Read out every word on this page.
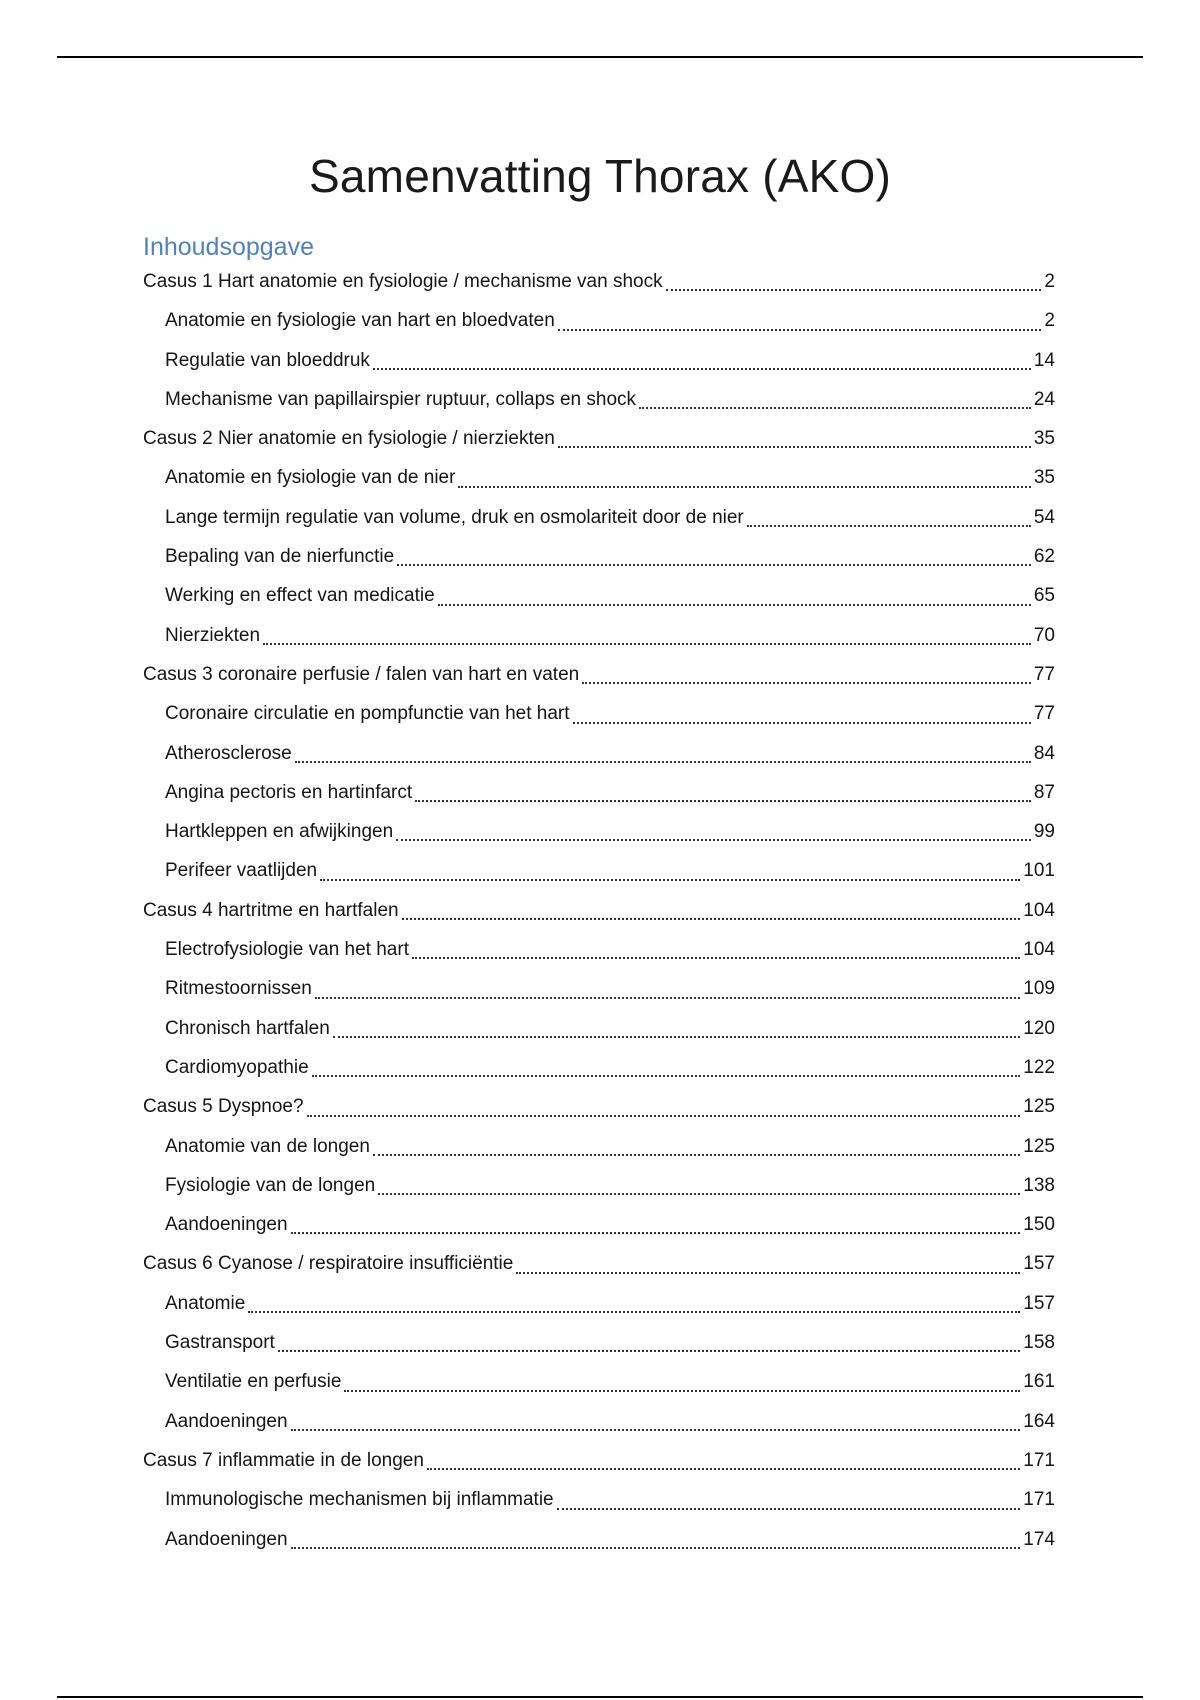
Samenvatting Thorax (AKO)
Inhoudsopgave
Casus 1 Hart anatomie en fysiologie / mechanisme van shock	2
Anatomie en fysiologie van hart en bloedvaten	2
Regulatie van bloeddruk	14
Mechanisme van papillairspier ruptuur, collaps en shock	24
Casus 2 Nier anatomie en fysiologie / nierziekten	35
Anatomie en fysiologie van de nier	35
Lange termijn regulatie van volume, druk en osmolariteit door de nier	54
Bepaling van de nierfunctie	62
Werking en effect van medicatie	65
Nierziekten	70
Casus 3 coronaire perfusie / falen van hart en vaten	77
Coronaire circulatie en pompfunctie van het hart	77
Atherosclerose	84
Angina pectoris en hartinfarct	87
Hartkleppen en afwijkingen	99
Perifeer vaatlijden	101
Casus 4 hartritme en hartfalen	104
Electrofysiologie van het hart	104
Ritmestoornissen	109
Chronisch hartfalen	120
Cardiomyopathie	122
Casus 5 Dyspnoe?	125
Anatomie van de longen	125
Fysiologie van de longen	138
Aandoeningen	150
Casus 6 Cyanose / respiratoire insufficiëntie	157
Anatomie	157
Gastransport	158
Ventilatie en perfusie	161
Aandoeningen	164
Casus 7 inflammatie in de longen	171
Immunologische mechanismen bij inflammatie	171
Aandoeningen	174
